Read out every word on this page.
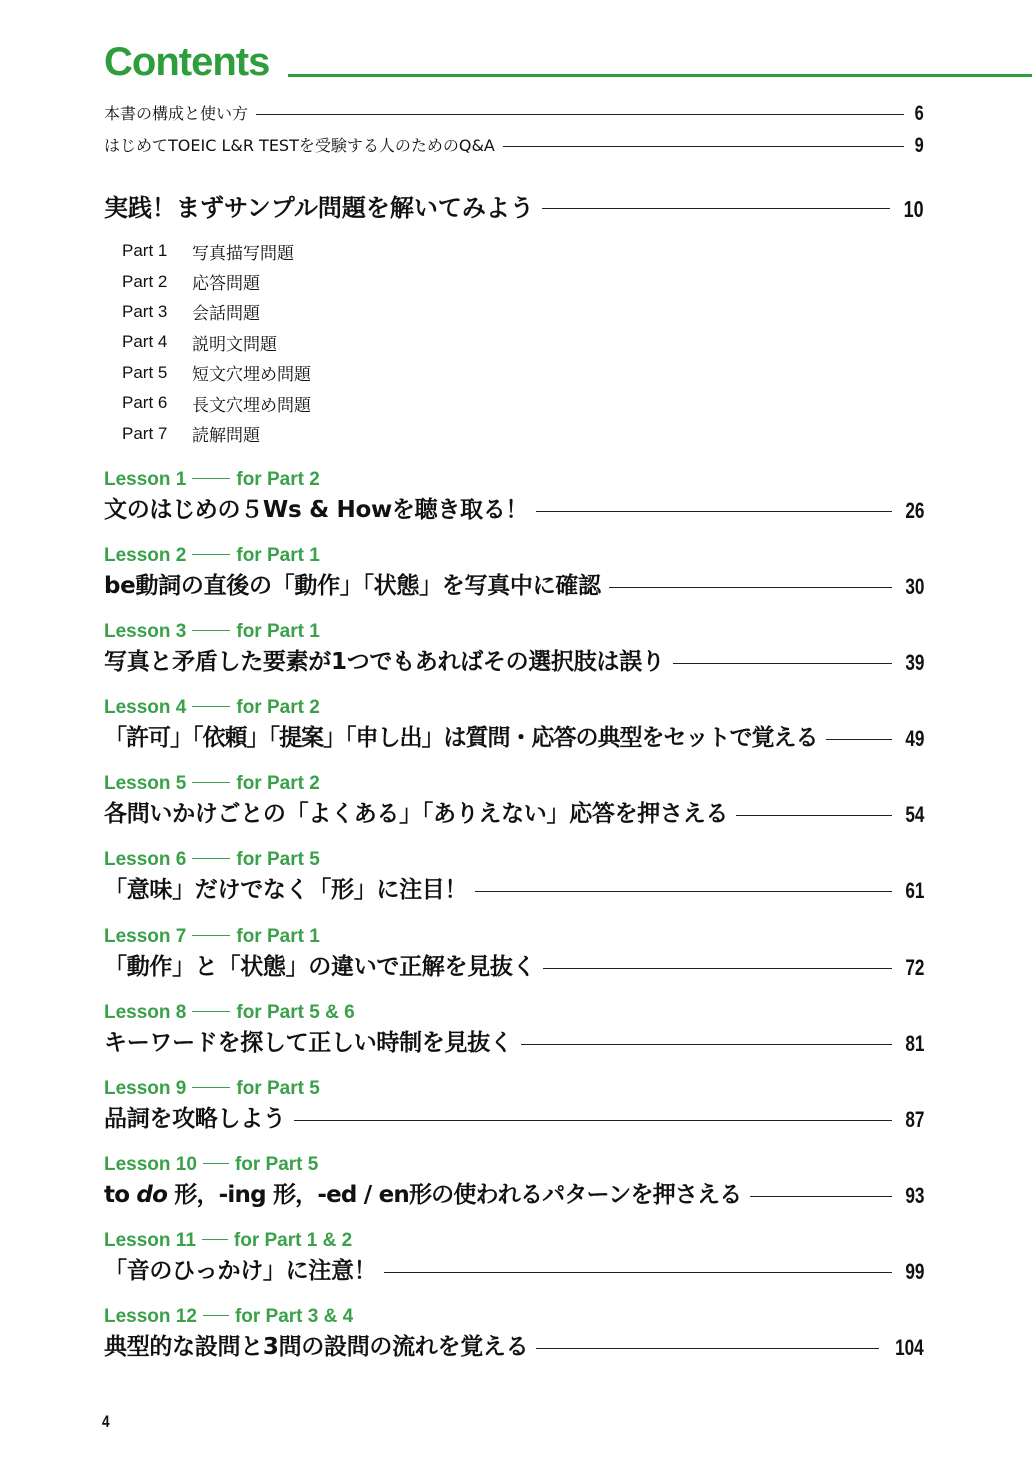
Contents
本書の構成と使い方	6
はじめてTOEIC L&R TESTを受験する人のためのQ&A	9
実践！まずサンプル問題を解いてみよう	10
Part 1	写真描写問題
Part 2	応答問題
Part 3	会話問題
Part 4	説明文問題
Part 5	短文穴埋め問題
Part 6	長文穴埋め問題
Part 7	読解問題
Lesson 1	for Part 2
文のはじめの５Ws & Howを聴き取る！	26
Lesson 2	for Part 1
be動詞の直後の「動作」「状態」を写真中に確認	30
Lesson 3	for Part 1
写真と矛盾した要素が1つでもあればその選択肢は誤り	39
Lesson 4	for Part 2
「許可」「依頼」「提案」「申し出」は質問・応答の典型をセットで覚える	49
Lesson 5	for Part 2
各問いかけごとの「よくある」「ありえない」応答を押さえる	54
Lesson 6	for Part 5
「意味」だけでなく「形」に注目！	61
Lesson 7	for Part 1
「動作」と「状態」の違いで正解を見抜く	72
Lesson 8	for Part 5 & 6
キーワードを探して正しい時制を見抜く	81
Lesson 9	for Part 5
品詞を攻略しよう	87
Lesson 10 for Part 5
to do 形，-ing 形，-ed / en形の使われるパターンを押さえる	93
Lesson 11 for Part 1 & 2
「音のひっかけ」に注意！	99
Lesson 12 for Part 3 & 4
典型的な設問と3問の設問の流れを覚える	104
4
